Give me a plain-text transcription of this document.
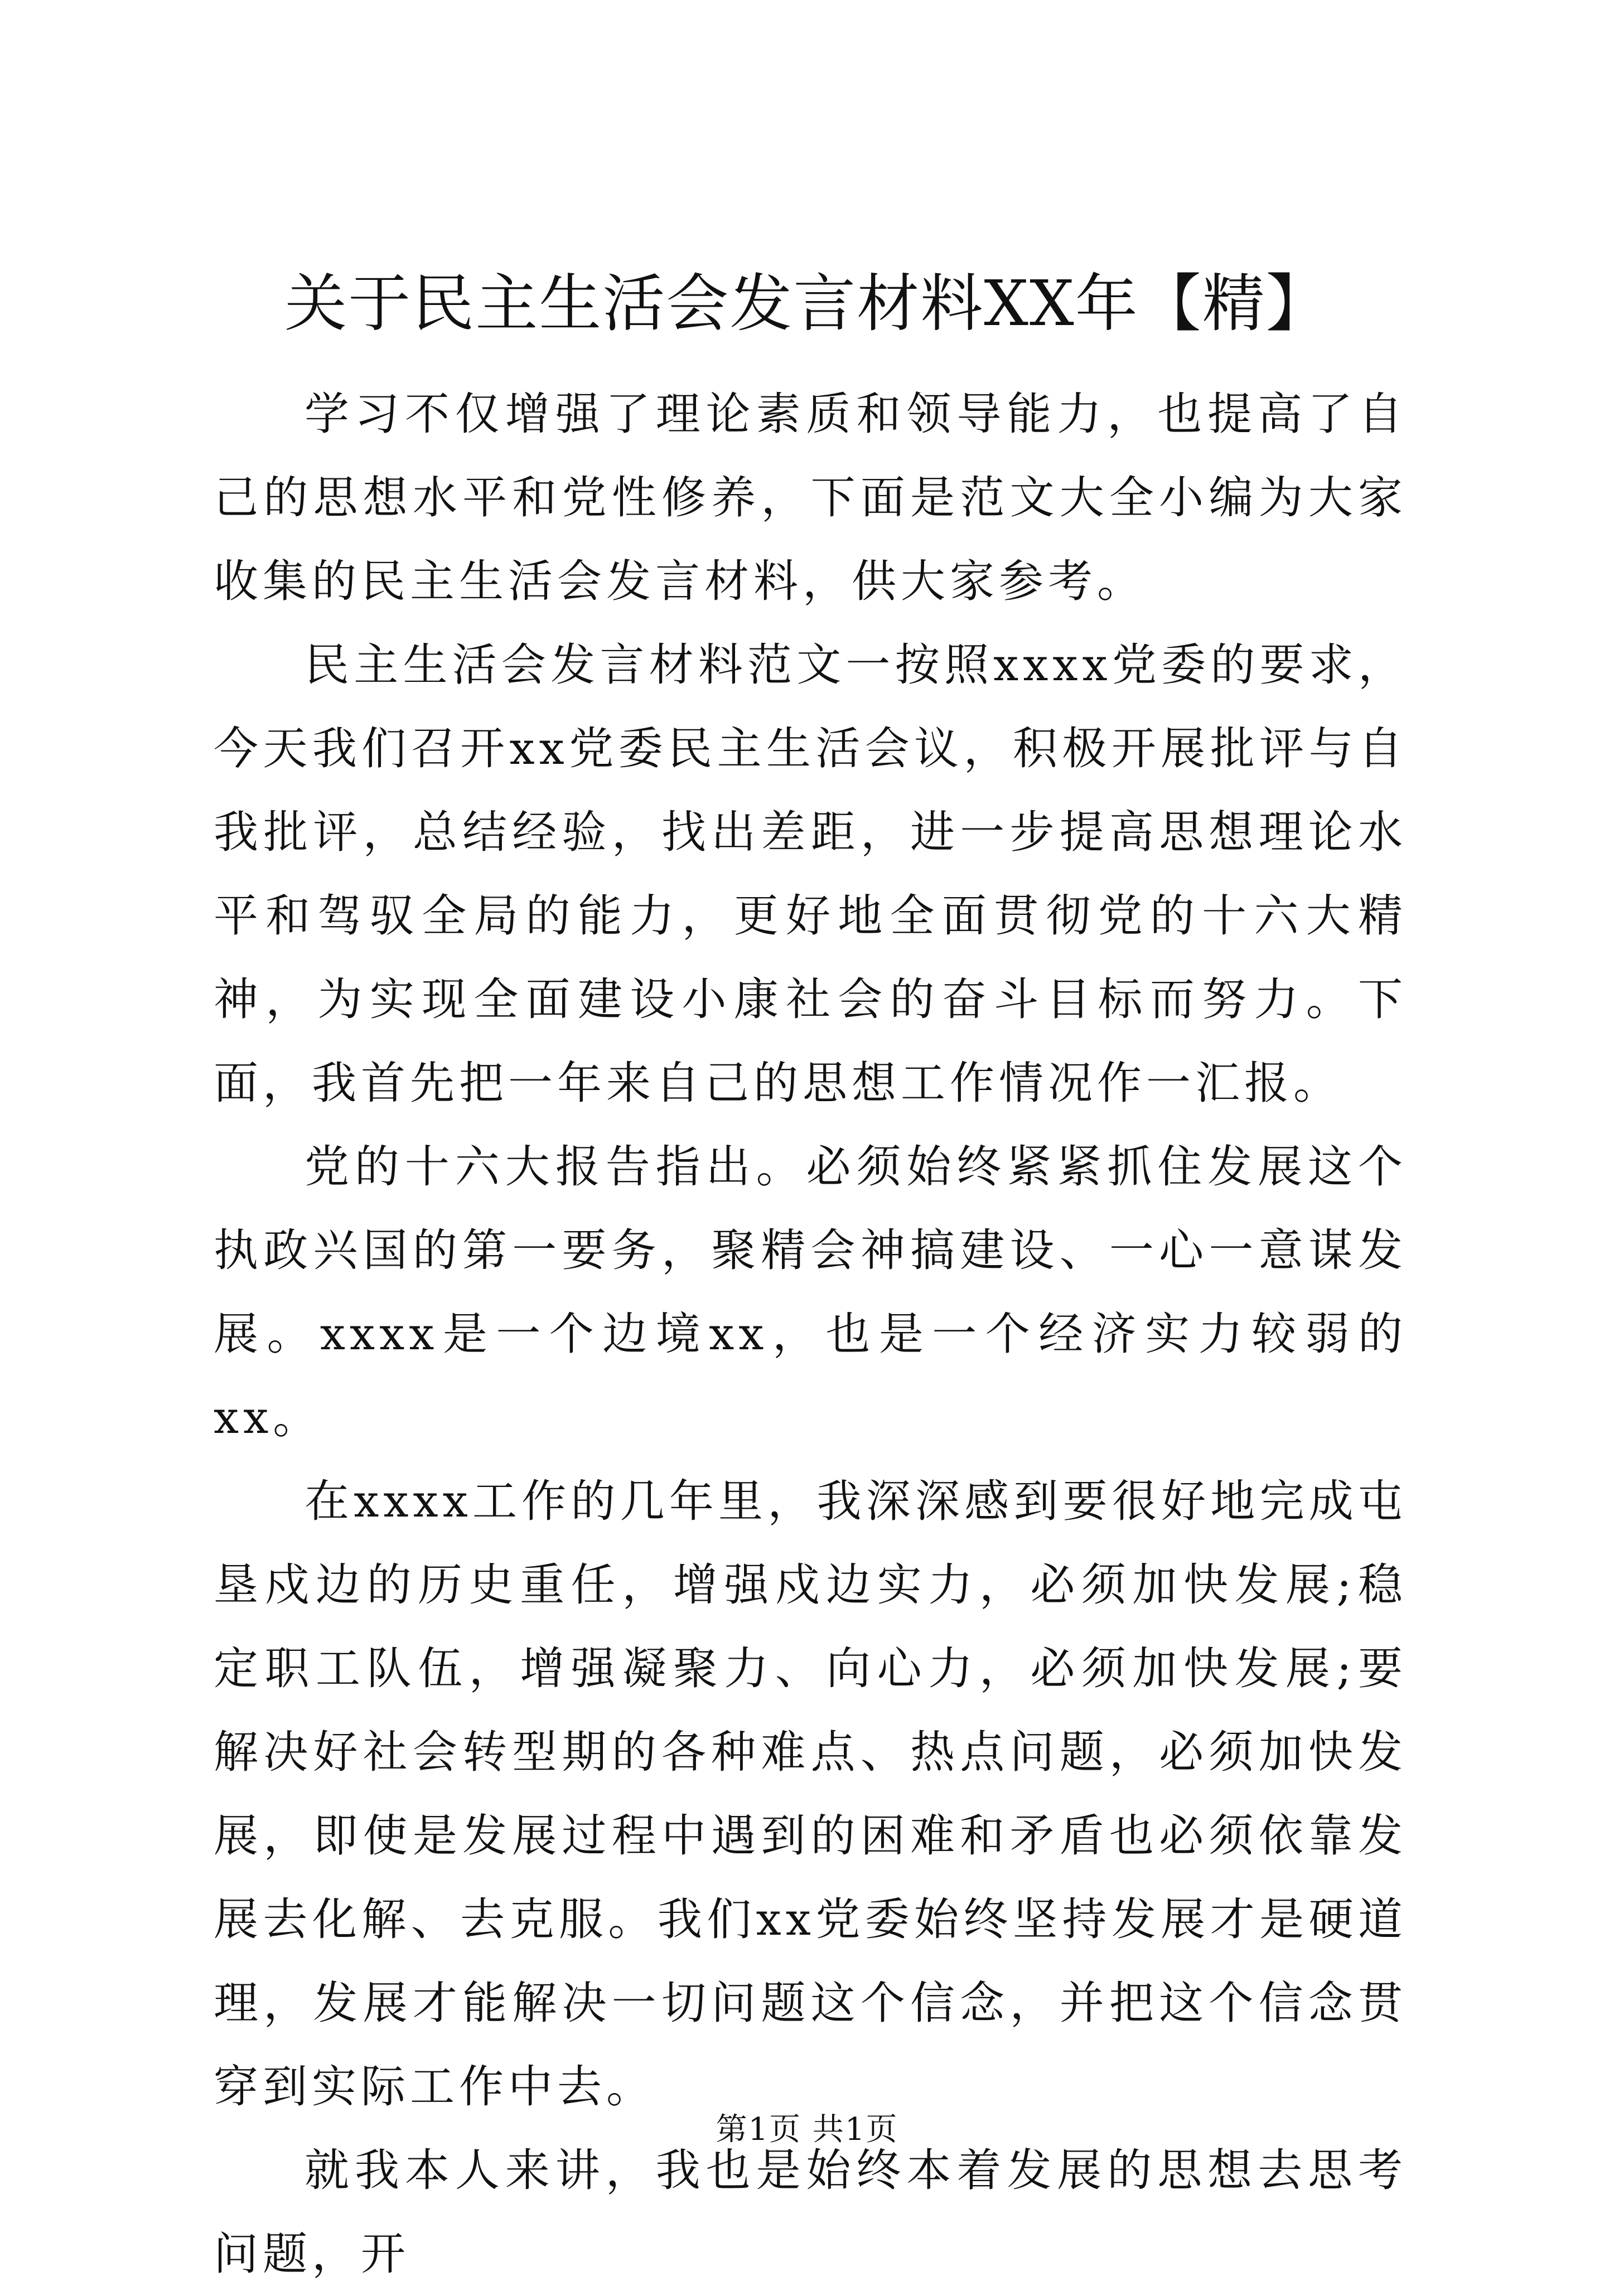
关于民主生活会发言材料XX年【精】

学习不仅增强了理论素质和领导能力，也提高了自己的思想水平和党性修养，下面是范文大全小编为大家收集的民主生活会发言材料，供大家参考。

民主生活会发言材料范文一按照xxxx党委的要求，今天我们召开xx党委民主生活会议，积极开展批评与自我批评，总结经验，找出差距，进一步提高思想理论水平和驾驭全局的能力，更好地全面贯彻党的十六大精神，为实现全面建设小康社会的奋斗目标而努力。下面，我首先把一年来自己的思想工作情况作一汇报。

党的十六大报告指出。必须始终紧紧抓住发展这个执政兴国的第一要务，聚精会神搞建设、一心一意谋发展。xxxx是一个边境xx，也是一个经济实力较弱的xx。

在xxxx工作的几年里，我深深感到要很好地完成屯垦戍边的历史重任，增强戍边实力，必须加快发展;稳定职工队伍，增强凝聚力、向心力，必须加快发展;要解决好社会转型期的各种难点、热点问题，必须加快发展，即使是发展过程中遇到的困难和矛盾也必须依靠发展去化解、去克服。我们xx党委始终坚持发展才是硬道理，发展才能解决一切问题这个信念，并把这个信念贯穿到实际工作中去。

就我本人来讲，我也是始终本着发展的思想去思考问题，开

第1页 共1页
